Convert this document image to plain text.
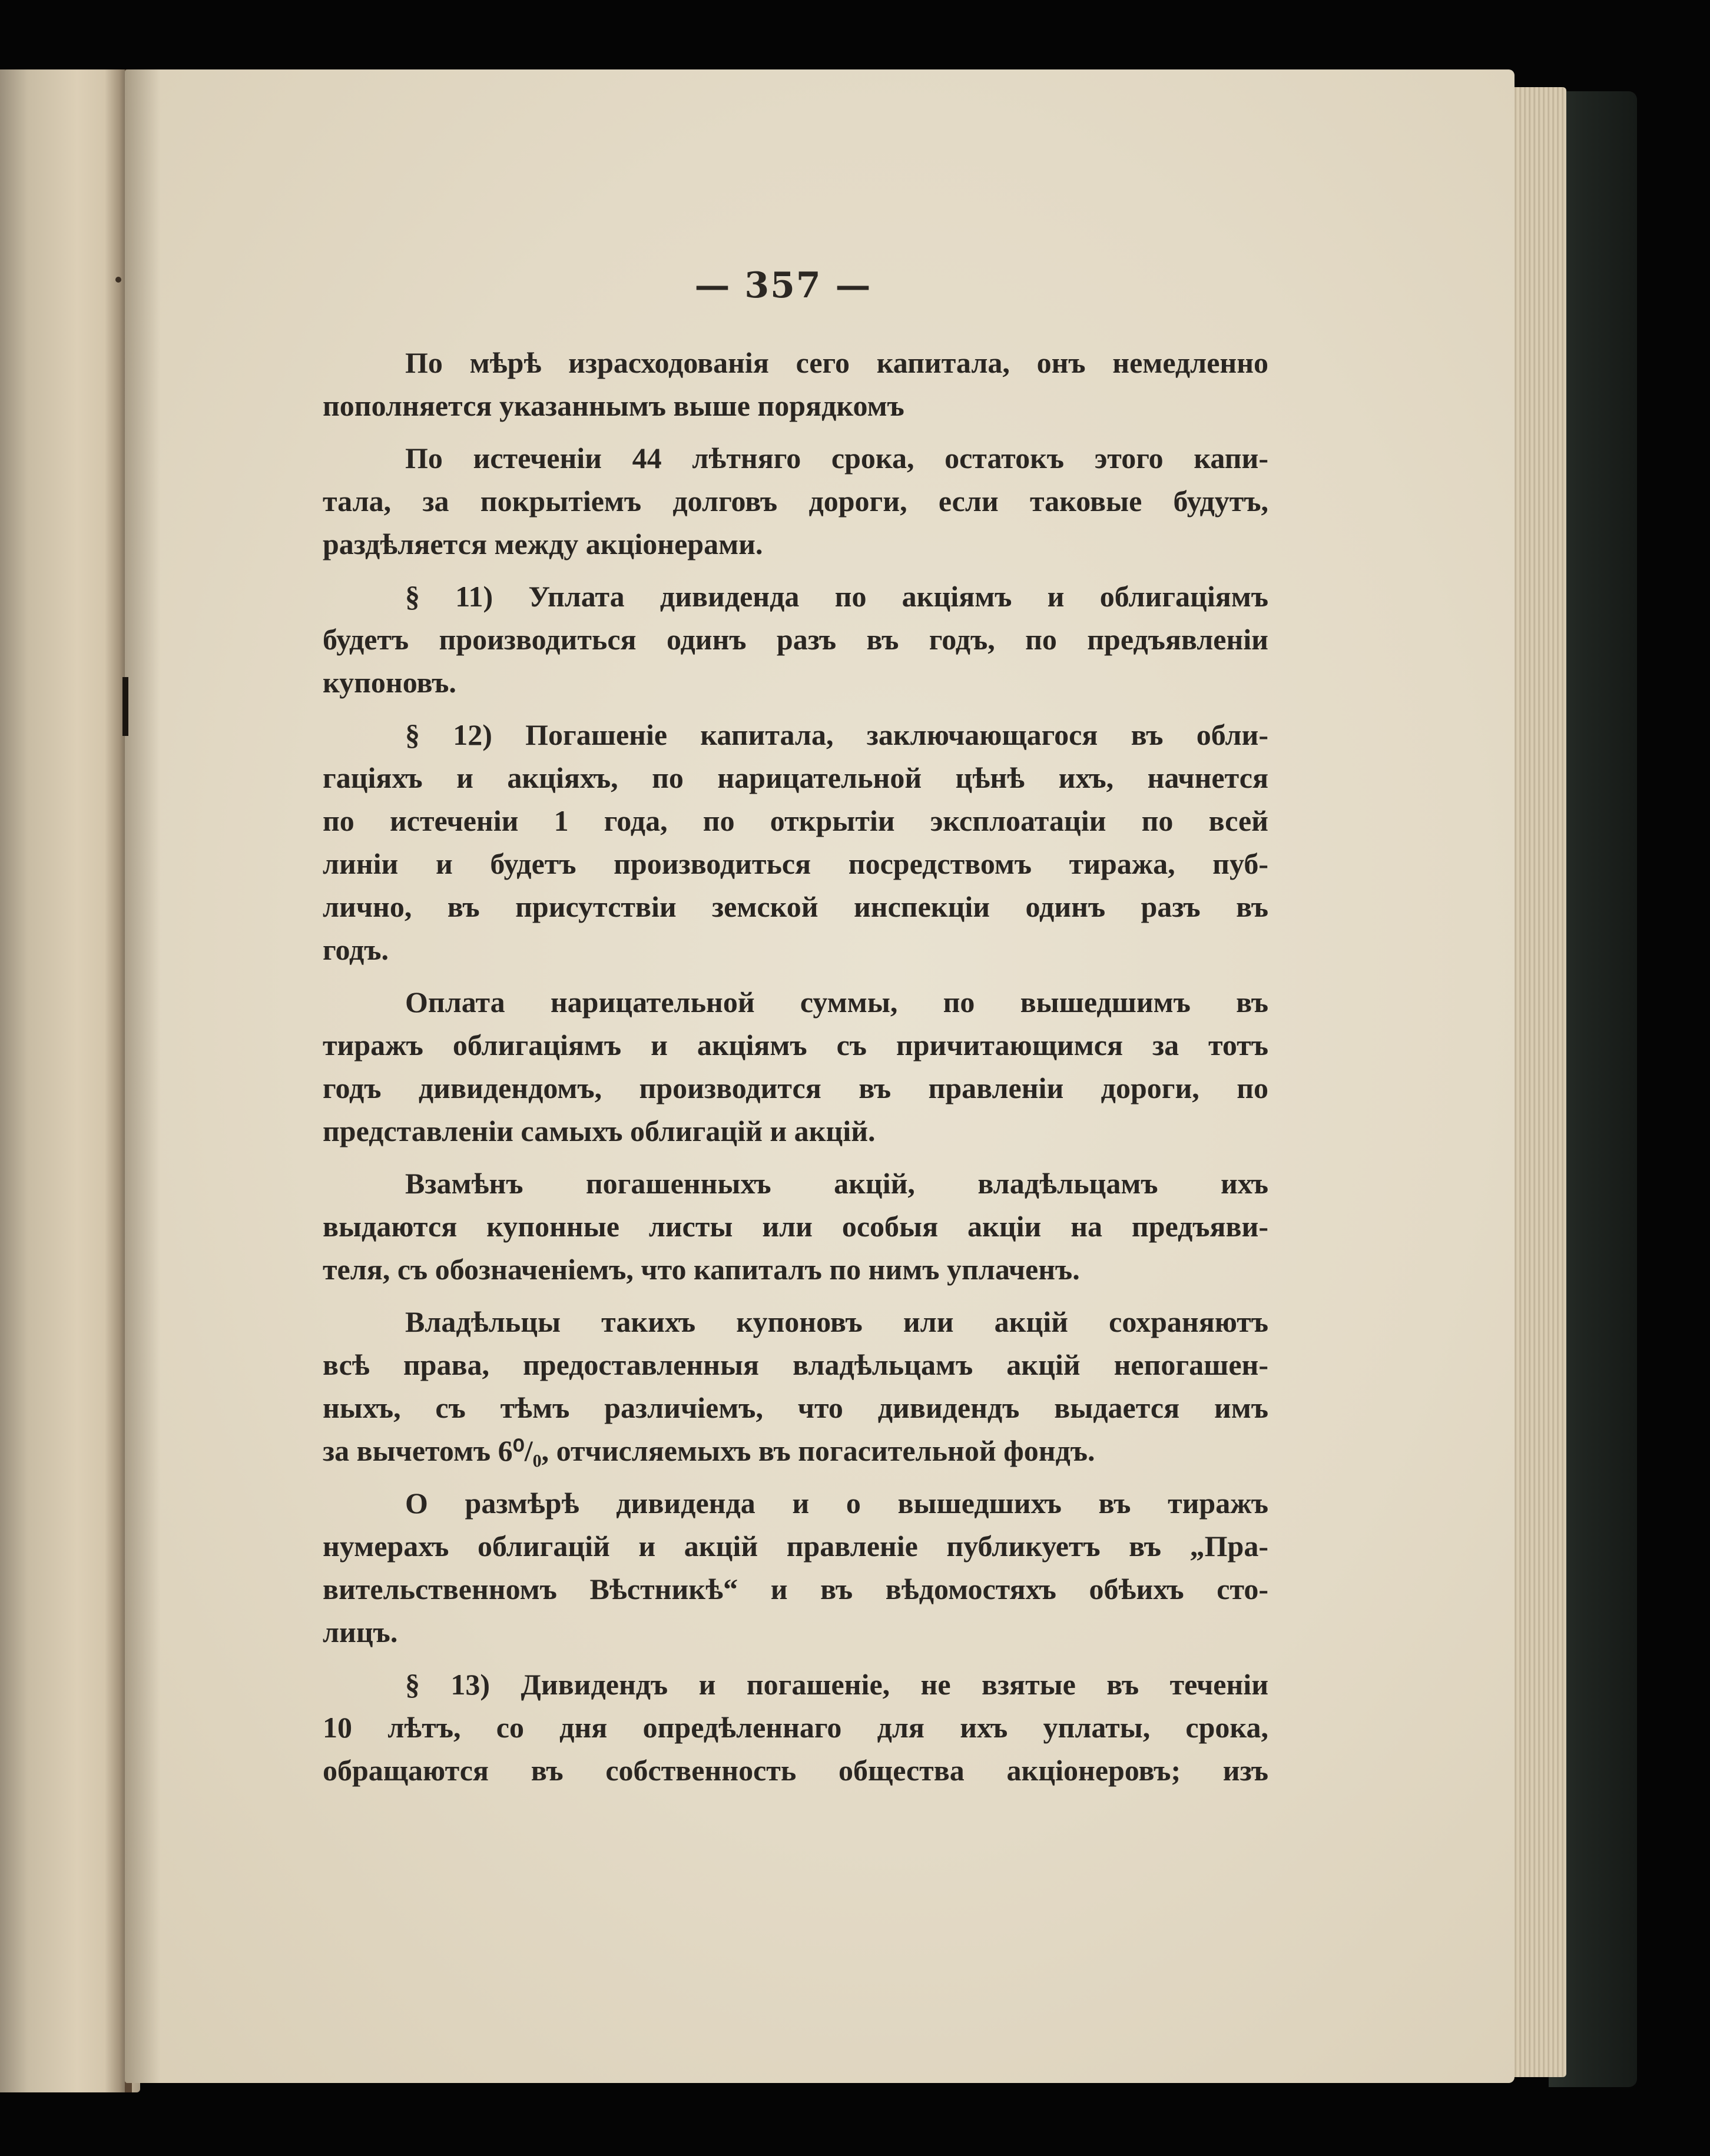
— 357 —
По мѣрѣ израсходованія сего капитала, онъ немедленно
пополняется указаннымъ выше порядкомъ
По истеченіи 44 лѣтняго срока, остатокъ этого капи-
тала, за покрытіемъ долговъ дороги, если таковые будутъ,
раздѣляется между акціонерами.
§ 11) Уплата дивиденда по акціямъ и облигаціямъ
будетъ производиться одинъ разъ въ годъ, по предъявленіи
купоновъ.
§ 12) Погашеніе капитала, заключающагося въ обли-
гаціяхъ и акціяхъ, по нарицательной цѣнѣ ихъ, начнется
по истеченіи 1 года, по открытіи эксплоатаціи по всей
линіи и будетъ производиться посредствомъ тиража, пуб-
лично, въ присутствіи земской инспекціи одинъ разъ въ
годъ.
Оплата нарицательной суммы, по вышедшимъ въ
тиражъ облигаціямъ и акціямъ съ причитающимся за тотъ
годъ дивидендомъ, производится въ правленіи дороги, по
представленіи самыхъ облигацій и акцій.
Взамѣнъ погашенныхъ акцій, владѣльцамъ ихъ
выдаются купонные листы или особыя акціи на предъяви-
теля, съ обозначеніемъ, что капиталъ по нимъ уплаченъ.
Владѣльцы такихъ купоновъ или акцій сохраняютъ
всѣ права, предоставленныя владѣльцамъ акцій непогашен-
ныхъ, съ тѣмъ различіемъ, что дивидендъ выдается имъ
за вычетомъ 6⁰/₀, отчисляемыхъ въ погасительной фондъ.
О размѣрѣ дивиденда и о вышедшихъ въ тиражъ
нумерахъ облигацій и акцій правленіе публикуетъ въ „Пра-
вительственномъ Вѣстникѣ“ и въ вѣдомостяхъ обѣихъ сто-
лицъ.
§ 13) Дивидендъ и погашеніе, не взятые въ теченіи
10 лѣтъ, со дня опредѣленнаго для ихъ уплаты, срока,
обращаются въ собственность общества акціонеровъ; изъ
